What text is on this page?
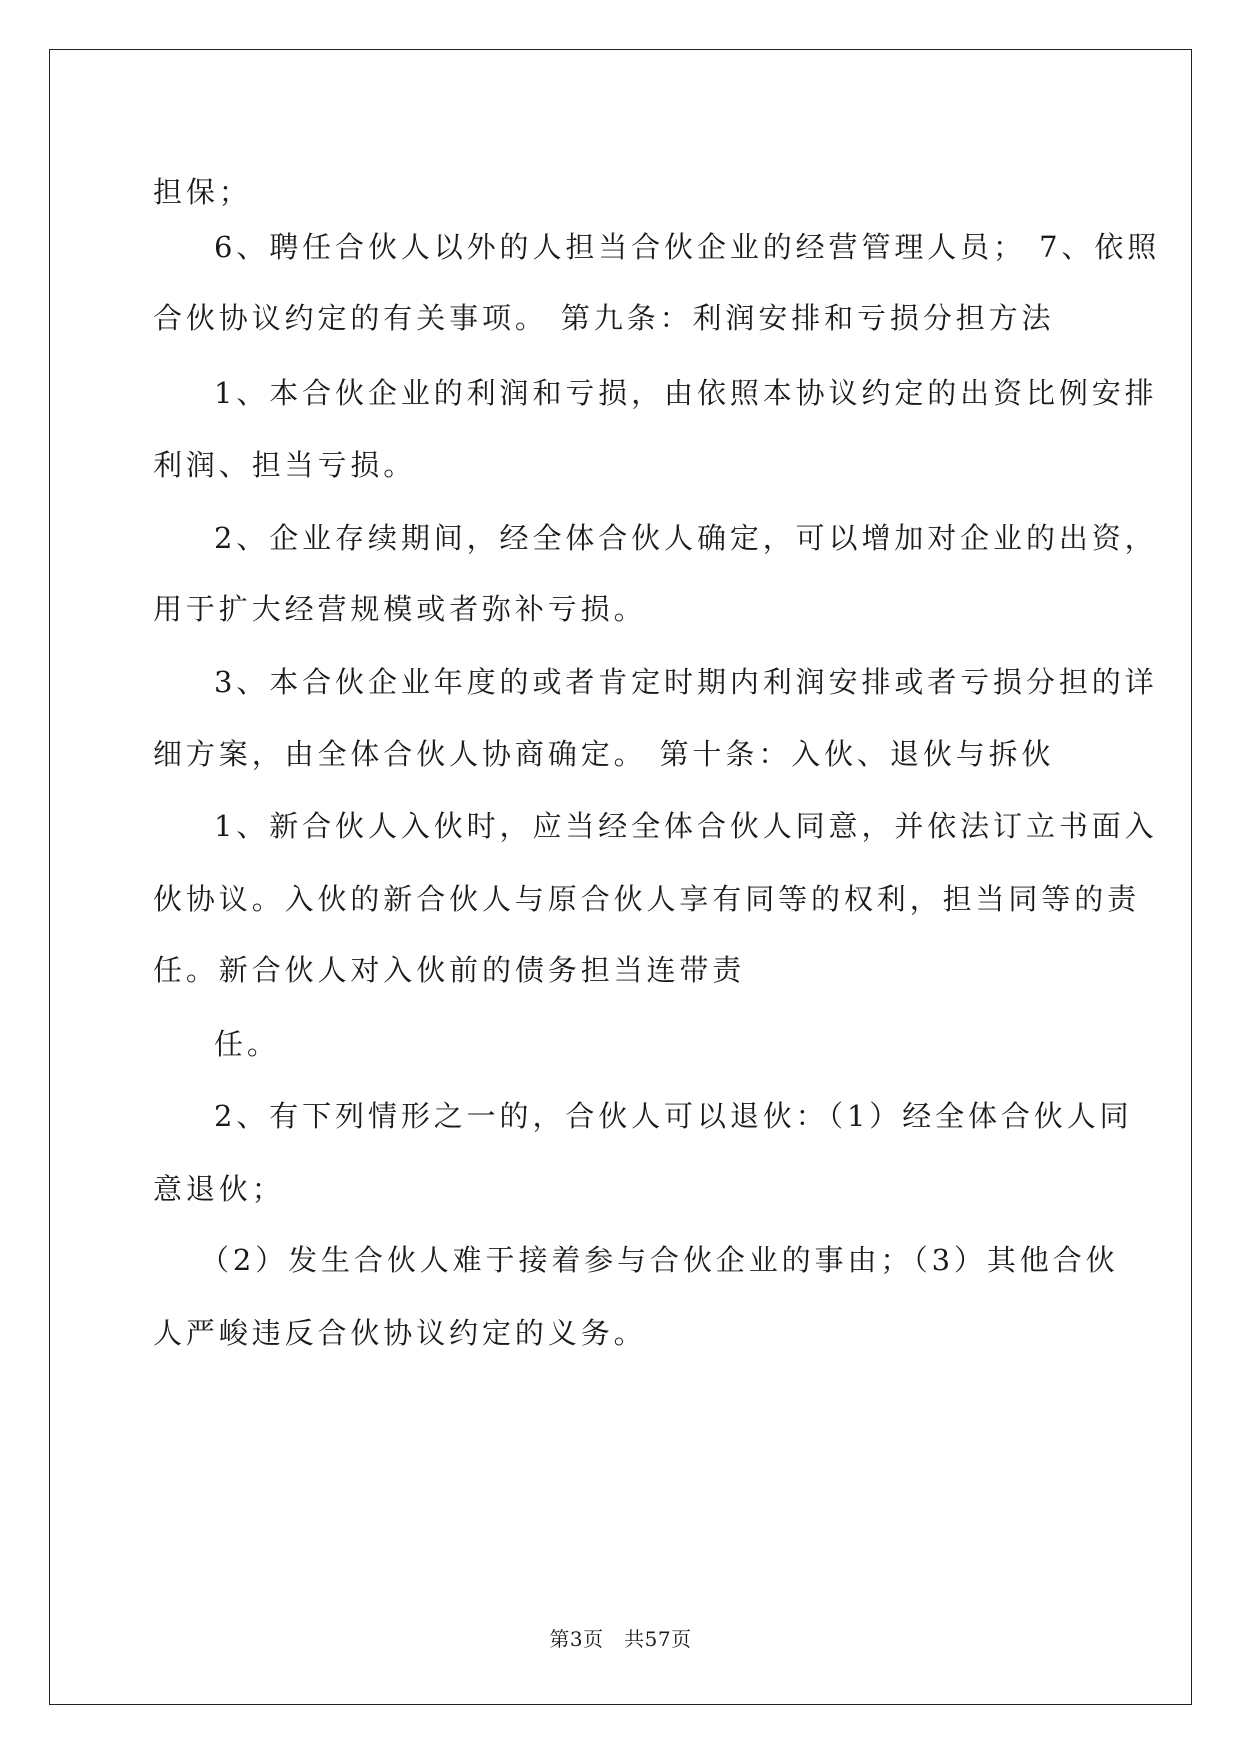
担保；
6、聘任合伙人以外的人担当合伙企业的经营管理人员； 7、依照
合伙协议约定的有关事项。 第九条：利润安排和亏损分担方法
1、本合伙企业的利润和亏损，由依照本协议约定的出资比例安排
利润、担当亏损。
2、企业存续期间，经全体合伙人确定，可以增加对企业的出资，
用于扩大经营规模或者弥补亏损。
3、本合伙企业年度的或者肯定时期内利润安排或者亏损分担的详
细方案，由全体合伙人协商确定。 第十条：入伙、退伙与拆伙
1、新合伙人入伙时，应当经全体合伙人同意，并依法订立书面入
伙协议。入伙的新合伙人与原合伙人享有同等的权利，担当同等的责
任。新合伙人对入伙前的债务担当连带责
任。
2、有下列情形之一的，合伙人可以退伙：（1）经全体合伙人同
意退伙；
（2）发生合伙人难于接着参与合伙企业的事由；（3）其他合伙
人严峻违反合伙协议约定的义务。
第3页　共57页
